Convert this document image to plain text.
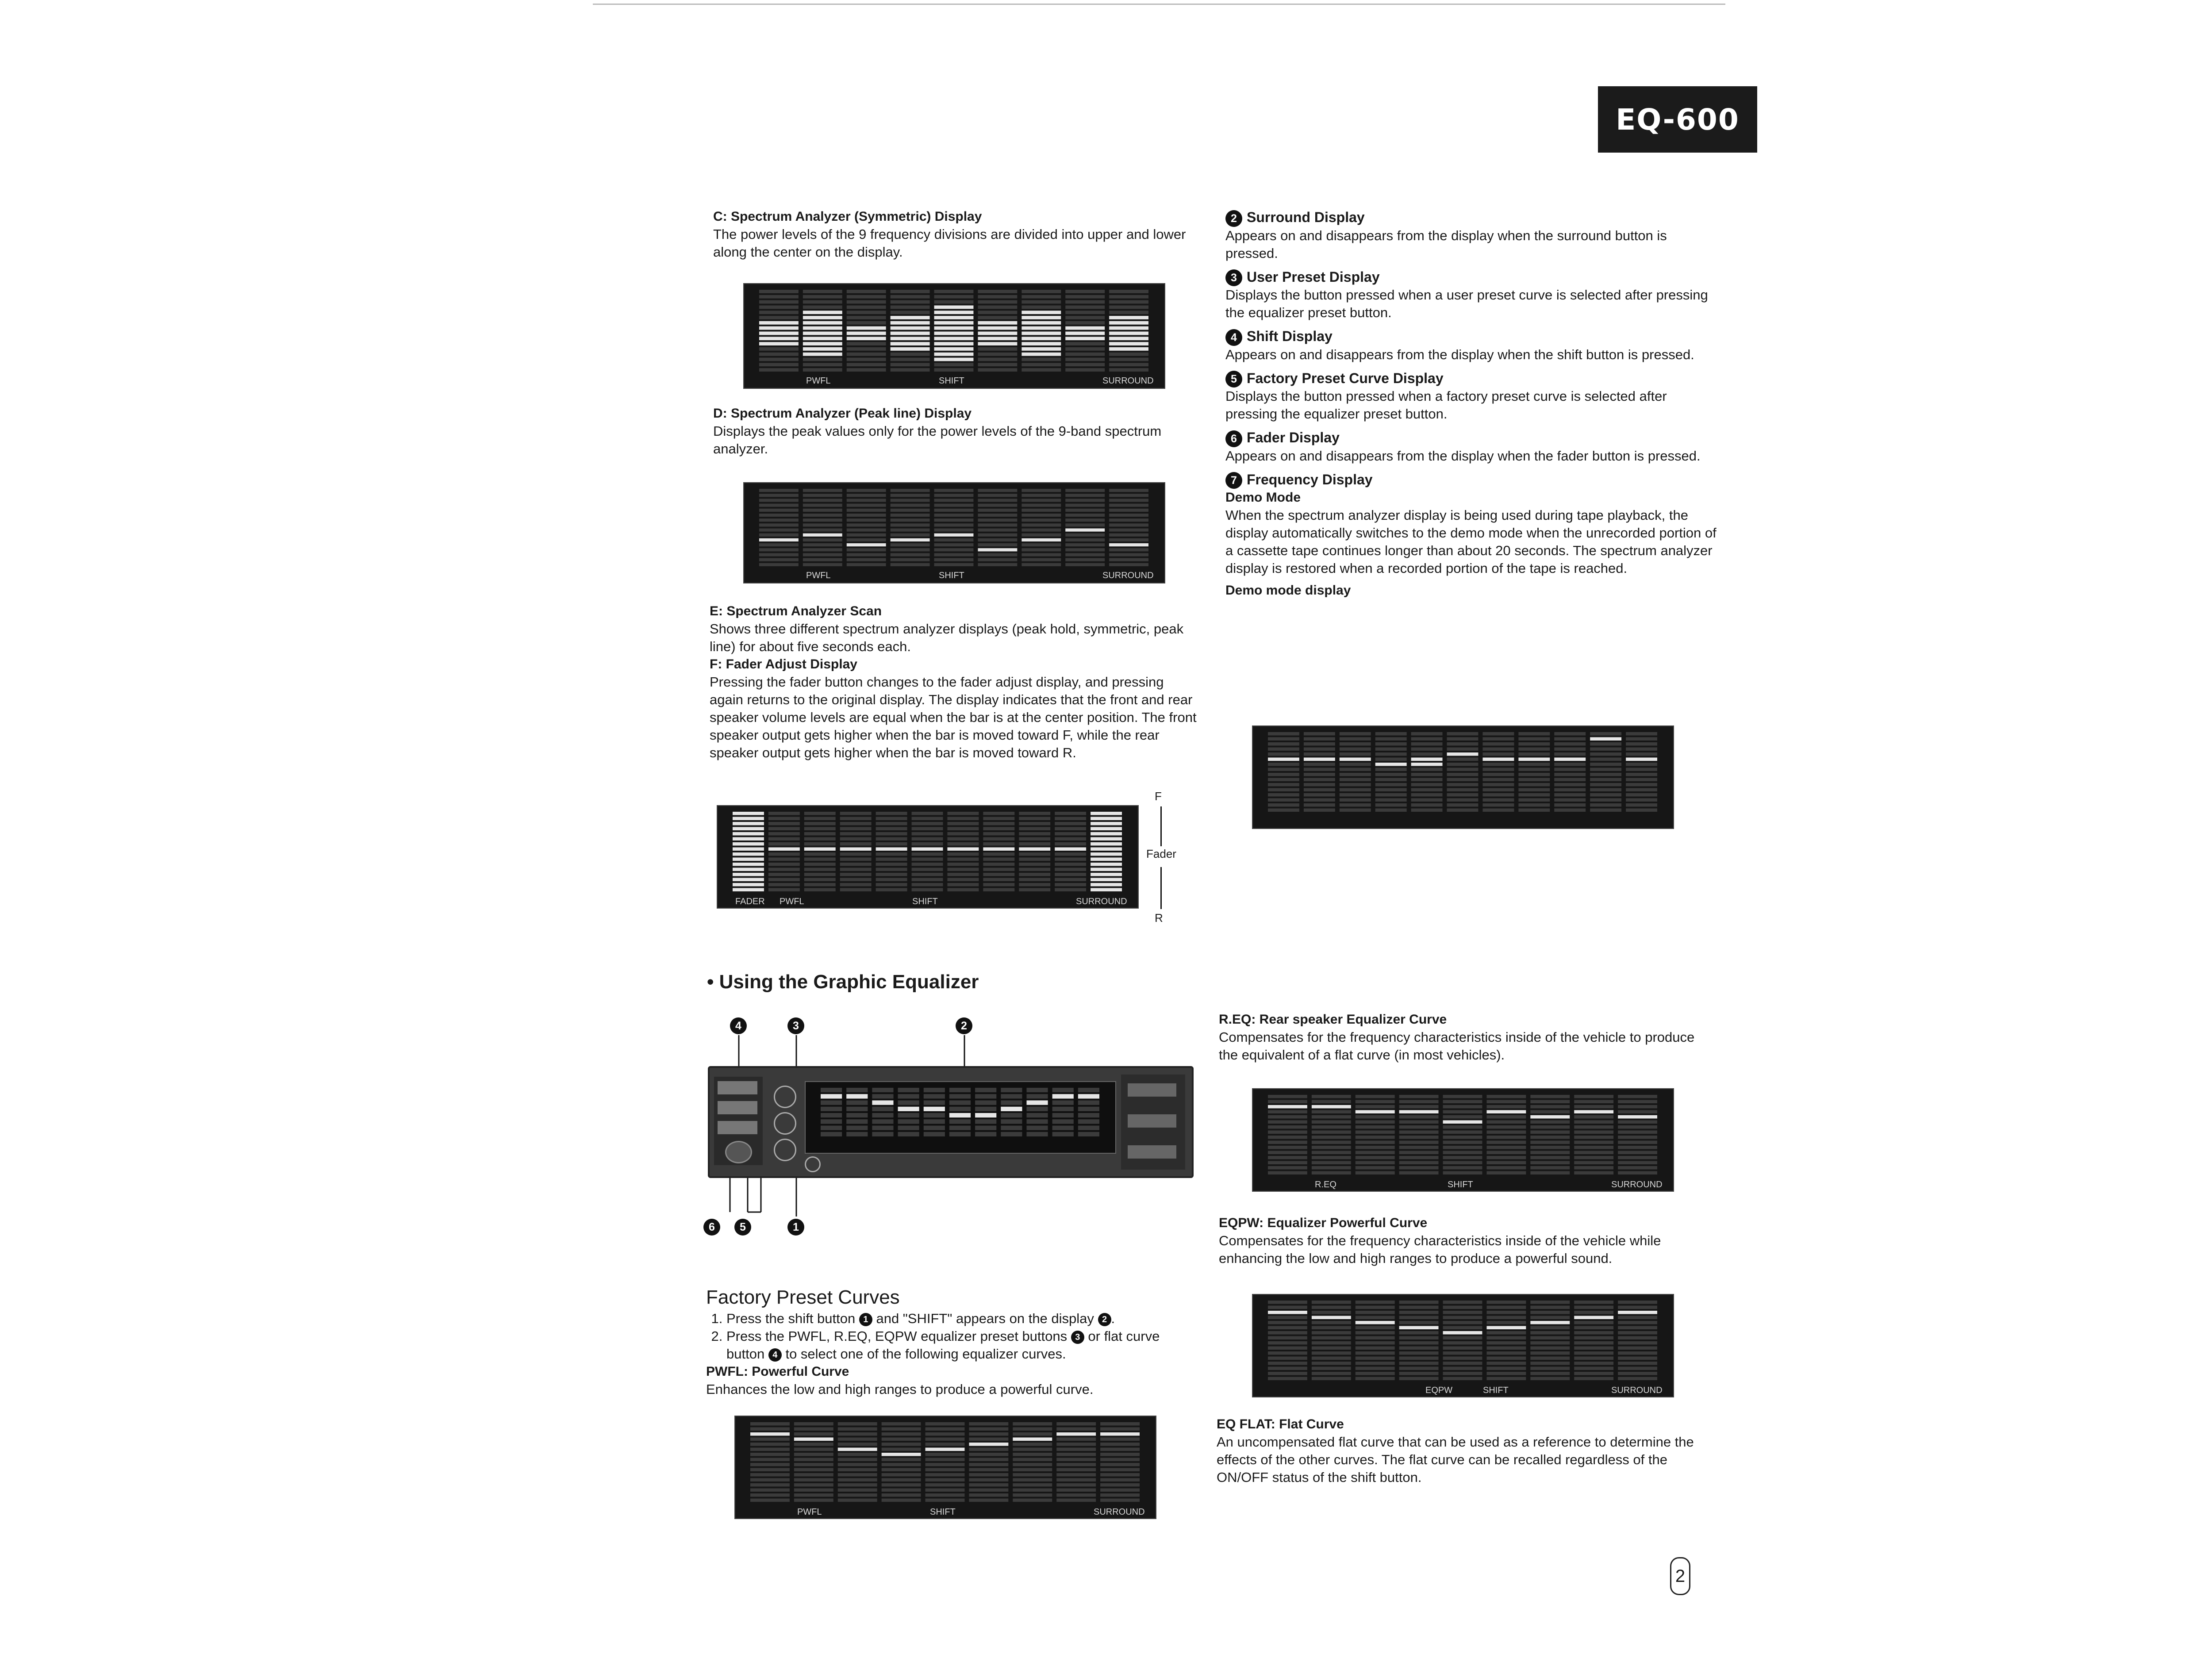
EQ-600
C: Spectrum Analyzer (Symmetric) Display

The power levels of the 9 frequency divisions are divided into upper and lower along the center on the display.

PWFL	SHIFT	SURROUND
D: Spectrum Analyzer (Peak line) Display

Displays the peak values only for the power levels of the 9-band spectrum analyzer.

PWFL	SHIFT	SURROUND
E: Spectrum Analyzer Scan

Shows three different spectrum analyzer displays (peak hold, symmetric, peak line) for about five seconds each.

F: Fader Adjust Display

Pressing the fader button changes to the fader adjust display, and pressing again returns to the original display. The display indicates that the front and rear speaker volume levels are equal when the bar is at the center position. The front speaker output gets higher when the bar is moved toward F, while the rear speaker output gets higher when the bar is moved toward R.

FADER PWFL	SHIFT	SURROUND
F
Fader
R
2 Surround Display

Appears on and disappears from the display when the surround button is pressed.

3 User Preset Display

Displays the button pressed when a user preset curve is selected after pressing the equalizer preset button.

4 Shift Display

Appears on and disappears from the display when the shift button is pressed.

5 Factory Preset Curve Display

Displays the button pressed when a factory preset curve is selected after pressing the equalizer preset button.

6 Fader Display

Appears on and disappears from the display when the fader button is pressed.

7 Frequency Display
Demo Mode

When the spectrum analyzer display is being used during tape playback, the display automatically switches to the demo mode when the unrecorded portion of a cassette tape continues longer than about 20 seconds. The spectrum analyzer display is restored when a recorded portion of the tape is reached.

Demo mode display
• Using the Graphic Equalizer
4	3	2
6	5	1
Factory Preset Curves
1. Press the shift button 1 and "SHIFT" appears on the display 2 .
2. Press the PWFL, R.EQ, EQPW equalizer preset buttons 3 or flat curve button 4 to select one of the following equalizer curves.
PWFL: Powerful Curve

Enhances the low and high ranges to produce a powerful curve.

PWFL	SHIFT	SURROUND
R.EQ: Rear speaker Equalizer Curve

Compensates for the frequency characteristics inside of the vehicle to produce the equivalent of a flat curve (in most vehicles).

R.EQ	SHIFT	SURROUND
EQPW: Equalizer Powerful Curve

Compensates for the frequency characteristics inside of the vehicle while enhancing the low and high ranges to produce a powerful sound.

EQPW	SHIFT	SURROUND
EQ FLAT: Flat Curve

An uncompensated flat curve that can be used as a reference to determine the effects of the other curves. The flat curve can be recalled regardless of the ON/OFF status of the shift button.

2
